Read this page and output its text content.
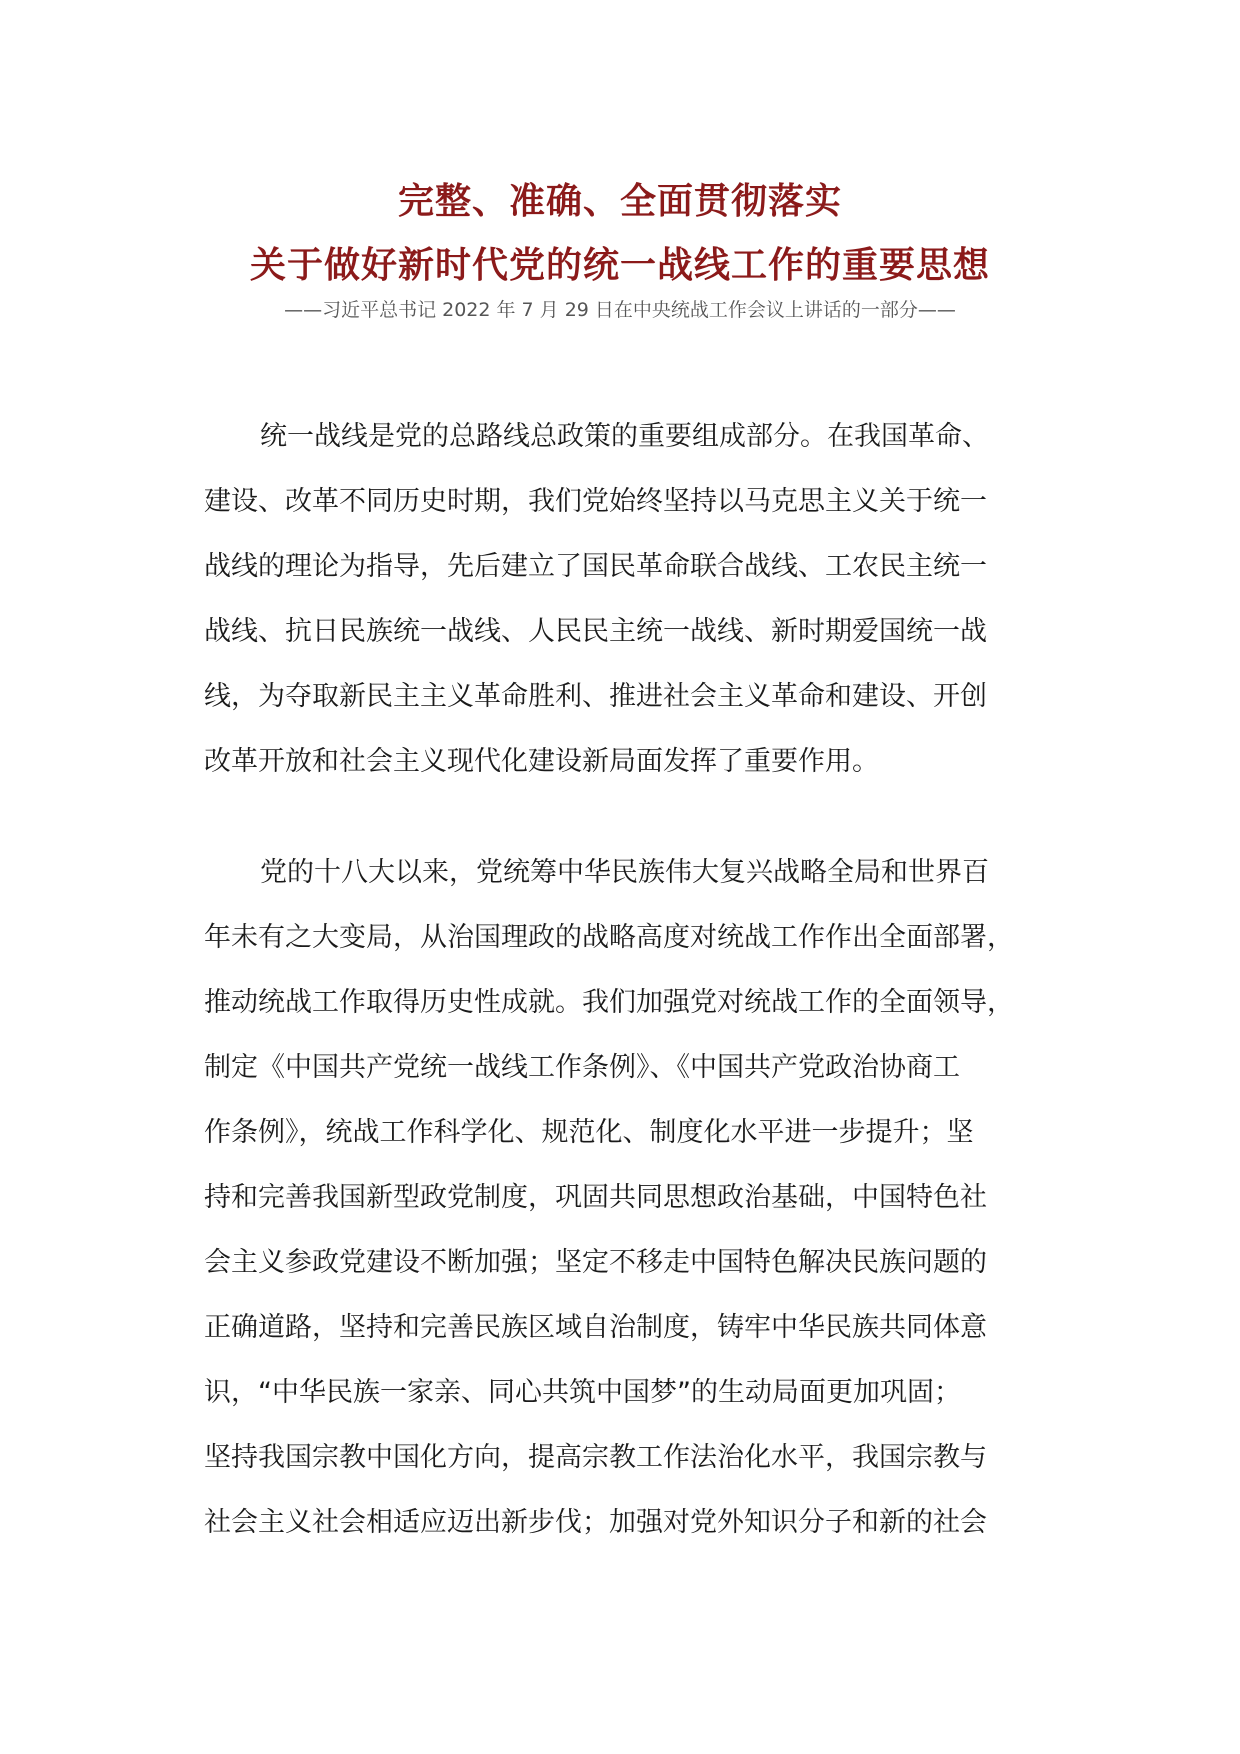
完整、准确、全面贯彻落实
关于做好新时代党的统一战线工作的重要思想
——习近平总书记 2022 年 7 月 29 日在中央统战工作会议上讲话的一部分——
统一战线是党的总路线总政策的重要组成部分。在我国革命、
建设、改革不同历史时期，我们党始终坚持以马克思主义关于统一
战线的理论为指导，先后建立了国民革命联合战线、工农民主统一
战线、抗日民族统一战线、人民民主统一战线、新时期爱国统一战
线，为夺取新民主主义革命胜利、推进社会主义革命和建设、开创
改革开放和社会主义现代化建设新局面发挥了重要作用。
党的十八大以来，党统筹中华民族伟大复兴战略全局和世界百
年未有之大变局，从治国理政的战略高度对统战工作作出全面部署，
推动统战工作取得历史性成就。我们加强党对统战工作的全面领导，
制定《中国共产党统一战线工作条例》、《中国共产党政治协商工
作条例》，统战工作科学化、规范化、制度化水平进一步提升；坚
持和完善我国新型政党制度，巩固共同思想政治基础，中国特色社
会主义参政党建设不断加强；坚定不移走中国特色解决民族问题的
正确道路，坚持和完善民族区域自治制度，铸牢中华民族共同体意
识，“中华民族一家亲、同心共筑中国梦”的生动局面更加巩固；
坚持我国宗教中国化方向，提高宗教工作法治化水平，我国宗教与
社会主义社会相适应迈出新步伐；加强对党外知识分子和新的社会
